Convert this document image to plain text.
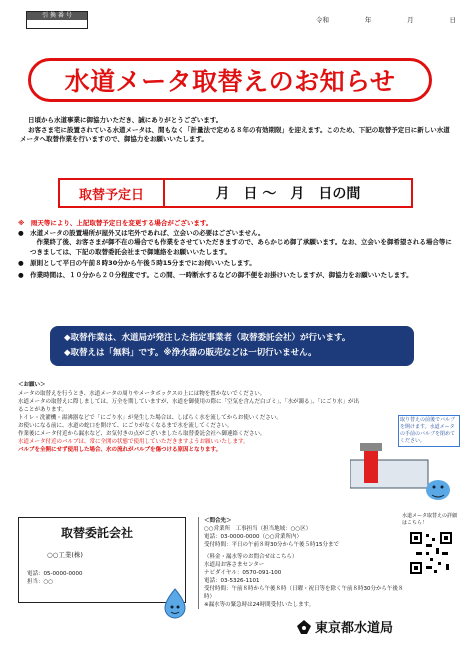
引 換 番 号
令和	年	月	日
水道メータ取替えのお知らせ
日頃から水道事業に御協力いただき、誠にありがとうございます。
お客さま宅に設置されている水道メータは、間もなく「計量法で定める８年の有効期限」を迎えます。このため、下記の取替予定日に新しい水道メータへ取替作業を行いますので、御協力をお願いいたします。
取替予定日	月　日 ～　月　日の間
※　雨天等により、上記取替予定日を変更する場合がございます。
●　水道メータの設置場所が屋外又は宅外であれば、立会いの必要はございません。
　作業終了後、お客さまが御不在の場合でも作業をさせていただきますので、あらかじめ御了承願います。なお、立会いを御希望される場合等につきましては、下記の取替委託会社まで御連絡をお願いいたします。
●　原則として平日の午前８時30分から午後５時15分までにお伺いいたします。
●　作業時間は、１０分から２０分程度です。この間、一時断水するなどの御不便をお掛けいたしますが、御協力をお願いいたします。
◆取替作業は、水道局が発注した指定事業者（取替委託会社）が行います。
◆取替えは「無料」です。※浄水器の販売などは一切行いません。
＜お願い＞
メータの取替えを行うとき、水道メータの周りやメータボックスの上には物を置かないでください。
水道メータの取替えに際しましては、万全を期していますが、水道を御使用の際に「空気を含んだ白ゴミ」、「水が濁る」、「にごり水」が出ることがあります。
トイレ・洗濯機・湯沸器などで「にごり水」が発生した場合は、しばらく水を流してからお使いください。
お使いになる前に、水道の蛇口を開けて、にごりがなくなるまで水を流してください。
作業後にメータ付近から漏水など、お気付きの点がございましたら取替委託会社へ御連絡ください。
水道メータ付近のバルブは、常に全開の状態で使用していただきますようお願いいたします。
バルブを全開にせず使用した場合、水の流れがバルブを傷つける原因となります。
取り替えの前後でバルブを開けます。水道メータの手前のバルブを閉めてください。
取替委託会社
○○工業(株)
電話：05-0000-0000
担当：○○
＜問合先＞
○○営業所　工事担当（担当地域：○○区）
電話：03-0000-0000（○○営業所内）
受付時間：平日の午前８時30分から午後５時15分まで
（料金・漏水等のお問合せはこちら）
水道局お客さまセンター
ナビダイヤル：0570-091-100
電話：03-5326-1101
受付時間：午前８時から午後８時（日曜・祝日等を除く午前８時30分から午後８時）
※漏水等の緊急時は24時間受付いたします。
水道メータ取替えの詳細はこちら！
東京都水道局
